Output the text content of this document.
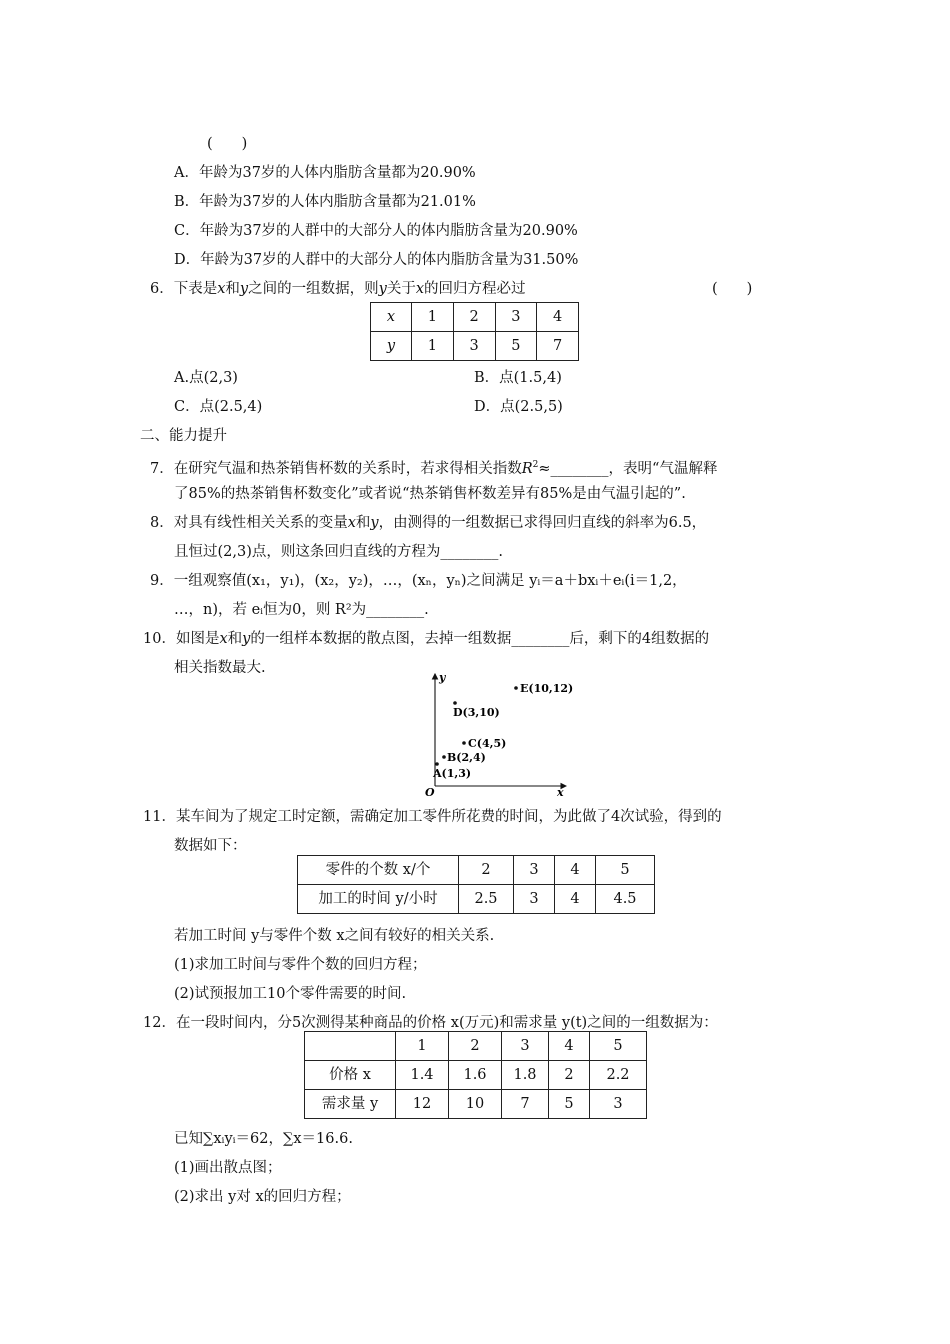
(　　)
A．年龄为37岁的人体内脂肪含量都为20.90%
B．年龄为37岁的人体内脂肪含量都为21.01%
C．年龄为37岁的人群中的大部分人的体内脂肪含量为20.90%
D．年龄为37岁的人群中的大部分人的体内脂肪含量为31.50%
6．下表是x和y之间的一组数据，则y关于x的回归方程必过	(　　)
x	1	2	3	4
y	1	3	5	7
A.点(2,3)	B．点(1.5,4)
C．点(2.5,4)	D．点(2.5,5)
二、能力提升
7．在研究气温和热茶销售杯数的关系时，若求得相关指数$R^2\approx\_\_\_\_\_\_\_\_$，表明“气温解释
了85%的热茶销售杯数变化”或者说“热茶销售杯数差异有85%是由气温引起的”.
8．对具有线性相关关系的变量x和y，由测得的一组数据已求得回归直线的斜率为6.5，
且恒过(2,3)点，则这条回归直线的方程为________.
9．一组观察值(x₁，y₁)，(x₂，y₂)，…，(xₙ，yₙ)之间满足 yᵢ＝a＋bxᵢ＋eᵢ(i＝1,2，
…，n)，若 eᵢ恒为0，则 R²为________.
10．如图是x和y的一组样本数据的散点图，去掉一组数据________后，剩下的4组数据的
相关指数最大.
y
x
O
A(1,3)
B(2,4)
C(4,5)
D(3,10)
E(10,12)
11．某车间为了规定工时定额，需确定加工零件所花费的时间，为此做了4次试验，得到的
数据如下：
零件的个数 x/个	2	3	4	5
加工的时间 y/小时	2.5	3	4	4.5
若加工时间 y与零件个数 x之间有较好的相关关系.
(1)求加工时间与零件个数的回归方程；
(2)试预报加工10个零件需要的时间.
12．在一段时间内，分5次测得某种商品的价格 x(万元)和需求量 y(t)之间的一组数据为：
	1	2	3	4	5
价格 x	1.4	1.6	1.8	2	2.2
需求量 y	12	10	7	5	3
已知∑xᵢyᵢ＝62，∑x＝16.6.
(1)画出散点图；
(2)求出 y对 x的回归方程；
